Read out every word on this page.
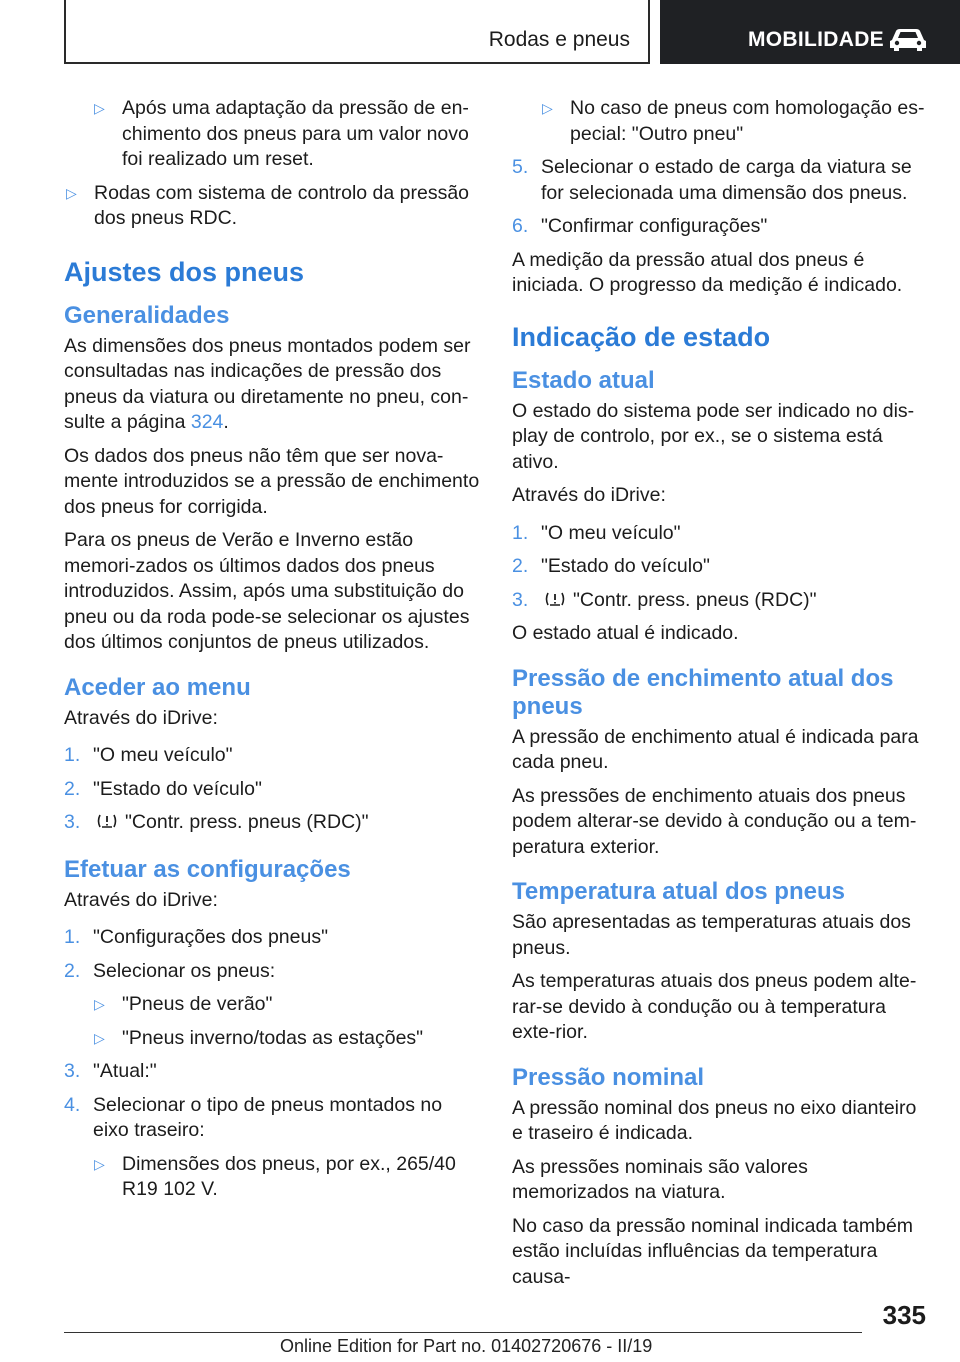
Rodas e pneus	MOBILIDADE
▷ Após uma adaptação da pressão de en-chimento dos pneus para um valor novo foi realizado um reset.
▷ Rodas com sistema de controlo da pressão dos pneus RDC.
Ajustes dos pneus
Generalidades

As dimensões dos pneus montados podem ser consultadas nas indicações de pressão dos pneus da viatura ou diretamente no pneu, con-sulte a página 324.

Os dados dos pneus não têm que ser nova-mente introduzidos se a pressão de enchimento dos pneus for corrigida.

Para os pneus de Verão e Inverno estão memori-zados os últimos dados dos pneus introduzidos. Assim, após uma substituição do pneu ou da roda pode-se selecionar os ajustes dos últimos conjuntos de pneus utilizados.

Aceder ao menu

Através do iDrive:

1. "O meu veículo"
2. "Estado do veículo"
3. "Contr. press. pneus (RDC)"
Efetuar as configurações

Através do iDrive:

1. "Configurações dos pneus"
2. Selecionar os pneus:
▷ "Pneus de verão"
▷ "Pneus inverno/todas as estações"
3. "Atual:"
4. Selecionar o tipo de pneus montados no eixo traseiro:
▷ Dimensões dos pneus, por ex., 265/40 R19 102 V.
▷ No caso de pneus com homologação es-pecial: "Outro pneu"
5. Selecionar o estado de carga da viatura se for selecionada uma dimensão dos pneus.
6. "Confirmar configurações"

A medição da pressão atual dos pneus é iniciada. O progresso da medição é indicado.

Indicação de estado
Estado atual

O estado do sistema pode ser indicado no dis-play de controlo, por ex., se o sistema está ativo.

Através do iDrive:

1. "O meu veículo"
2. "Estado do veículo"
3. "Contr. press. pneus (RDC)"

O estado atual é indicado.

Pressão de enchimento atual dos pneus

A pressão de enchimento atual é indicada para cada pneu.

As pressões de enchimento atuais dos pneus podem alterar-se devido à condução ou a tem-peratura exterior.

Temperatura atual dos pneus

São apresentadas as temperaturas atuais dos pneus.

As temperaturas atuais dos pneus podem alte-rar-se devido à condução ou à temperatura exte-rior.

Pressão nominal

A pressão nominal dos pneus no eixo dianteiro e traseiro é indicada.

As pressões nominais são valores memorizados na viatura.

No caso da pressão nominal indicada também estão incluídas influências da temperatura causa-

335
Online Edition for Part no. 01402720676 - II/19
